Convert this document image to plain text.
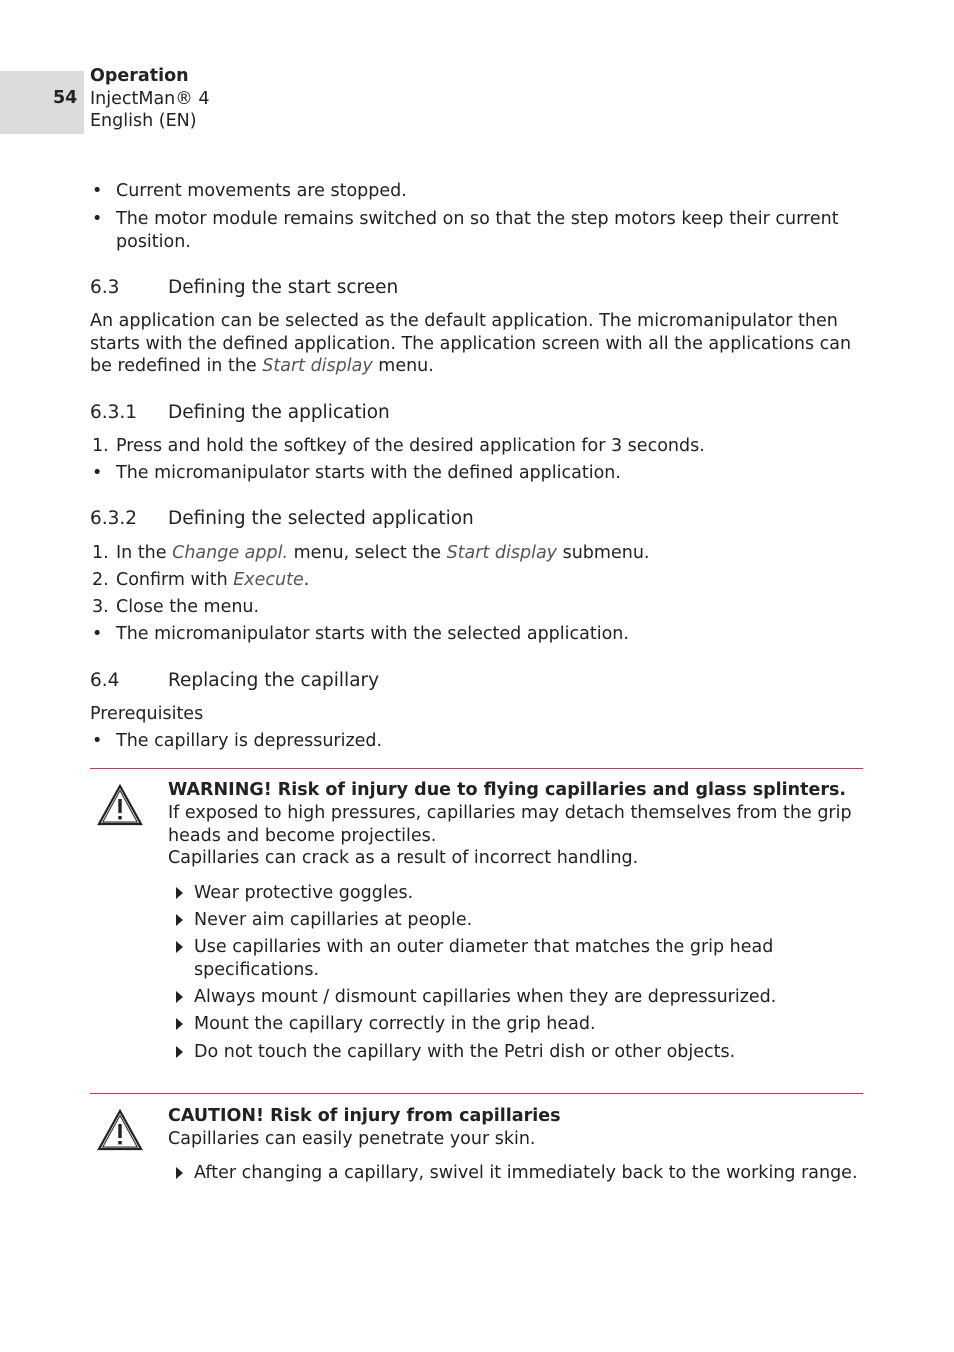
54
Operation
InjectMan® 4
English (EN)
• Current movements are stopped.
• The motor module remains switched on so that the step motors keep their current position.
6.3	Defining the start screen
An application can be selected as the default application. The micromanipulator then starts with the defined application. The application screen with all the applications can be redefined in the Start display menu.
6.3.1 Defining the application
1. Press and hold the softkey of the desired application for 3 seconds.
• The micromanipulator starts with the defined application.
6.3.2 Defining the selected application
1. In the Change appl. menu, select the Start display submenu.
2. Confirm with Execute.
3. Close the menu.
• The micromanipulator starts with the selected application.
6.4	Replacing the capillary
Prerequisites
• The capillary is depressurized.
WARNING! Risk of injury due to flying capillaries and glass splinters.
If exposed to high pressures, capillaries may detach themselves from the grip heads and become projectiles.
Capillaries can crack as a result of incorrect handling.
Wear protective goggles.
Never aim capillaries at people.
Use capillaries with an outer diameter that matches the grip head specifications.
Always mount / dismount capillaries when they are depressurized.
Mount the capillary correctly in the grip head.
Do not touch the capillary with the Petri dish or other objects.
CAUTION! Risk of injury from capillaries
Capillaries can easily penetrate your skin.
After changing a capillary, swivel it immediately back to the working range.
